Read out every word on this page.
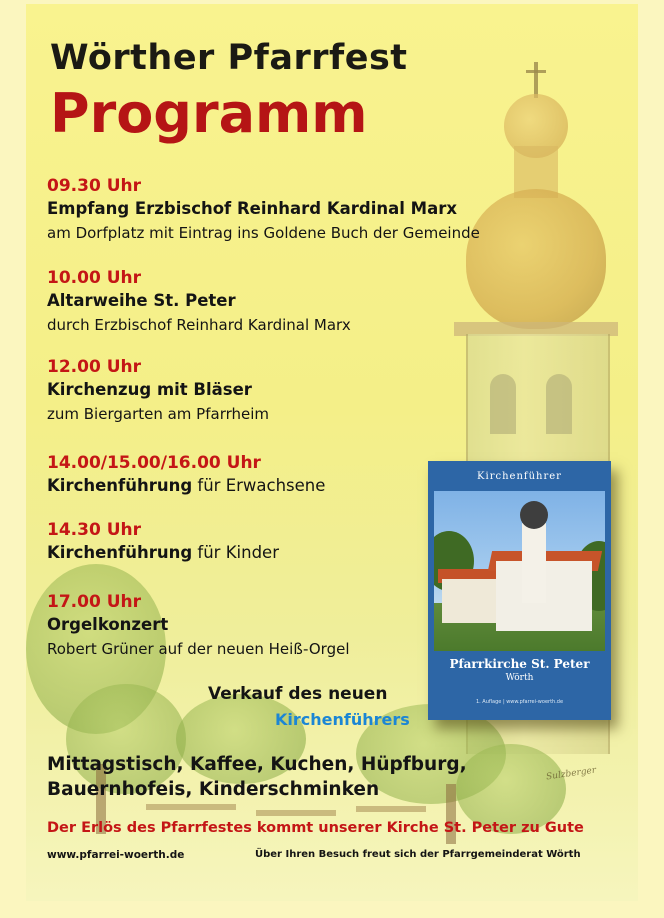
Sulzberger
Wörther Pfarrfest
Programm
09.30 Uhr
Empfang Erzbischof Reinhard Kardinal Marx
am Dorfplatz mit Eintrag ins Goldene Buch der Gemeinde
10.00 Uhr
Altarweihe St. Peter
durch Erzbischof Reinhard Kardinal Marx
12.00 Uhr
Kirchenzug mit Bläser
zum Biergarten am Pfarrheim
14.00/15.00/16.00 Uhr
Kirchenführung für Erwachsene
14.30 Uhr
Kirchenführung für Kinder
17.00 Uhr
Orgelkonzert
Robert Grüner auf der neuen Heiß-Orgel
Kirchenführer
Pfarrkirche St. Peter
Wörth
1. Auflage | www.pfarrei-woerth.de
Verkauf des neuen
Kirchenführers
Mittagstisch, Kaffee, Kuchen, Hüpfburg,
Bauernhofeis, Kinderschminken
Der Erlös des Pfarrfestes kommt unserer Kirche St. Peter zu Gute
www.pfarrei-woerth.de	Über Ihren Besuch freut sich der Pfarrgemeinderat Wörth
